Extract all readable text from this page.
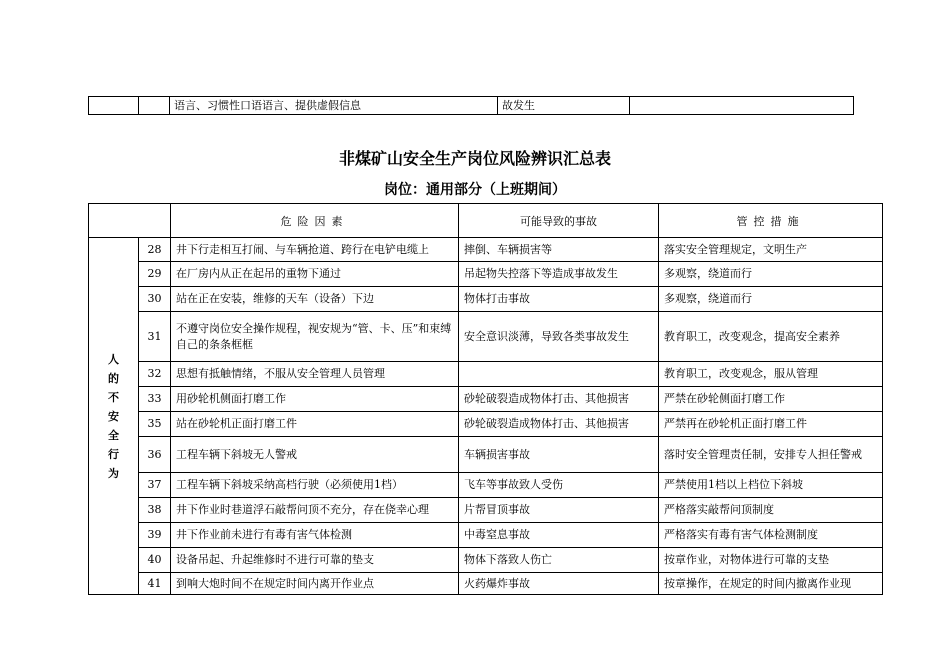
		语言、习惯性口语语言、提供虚假信息	故发生	
非煤矿山安全生产岗位风险辨识汇总表
岗位：通用部分（上班期间）
		危险因素	可能导致的事故	管控措施

人的不安全行为	28	井下行走相互打闹、与车辆抢道、跨行在电铲电缆上	摔倒、车辆损害等	落实安全管理规定，文明生产
	29	在厂房内从正在起吊的重物下通过	吊起物失控落下等造成事故发生	多观察，绕道而行
	30	站在正在安装，维修的天车（设备）下边	物体打击事故	多观察，绕道而行
	31	不遵守岗位安全操作规程，视安规为“管、卡、压”和束缚自己的条条框框	安全意识淡薄，导致各类事故发生	教育职工，改变观念，提高安全素养
	32	思想有抵触情绪，不服从安全管理人员管理		教育职工，改变观念，服从管理
	33	用砂轮机侧面打磨工作	砂轮破裂造成物体打击、其他损害	严禁在砂轮侧面打磨工作
	35	站在砂轮机正面打磨工件	砂轮破裂造成物体打击、其他损害	严禁再在砂轮机正面打磨工件
	36	工程车辆下斜坡无人警戒	车辆损害事故	落时安全管理责任制，安排专人担任警戒
	37	工程车辆下斜坡采纳高档行驶（必须使用1档）	飞车等事故致人受伤	严禁使用1档以上档位下斜坡
	38	井下作业时巷道浮石敲帮问顶不充分，存在侥幸心理	片帮冒顶事故	严格落实敲帮问顶制度
	39	井下作业前未进行有毒有害气体检测	中毒窒息事故	严格落实有毒有害气体检测制度
	40	设备吊起、升起维修时不进行可靠的垫支	物体下落致人伤亡	按章作业，对物体进行可靠的支垫
	41	到响大炮时间不在规定时间内离开作业点	火药爆炸事故	按章操作，在规定的时间内撤离作业现
